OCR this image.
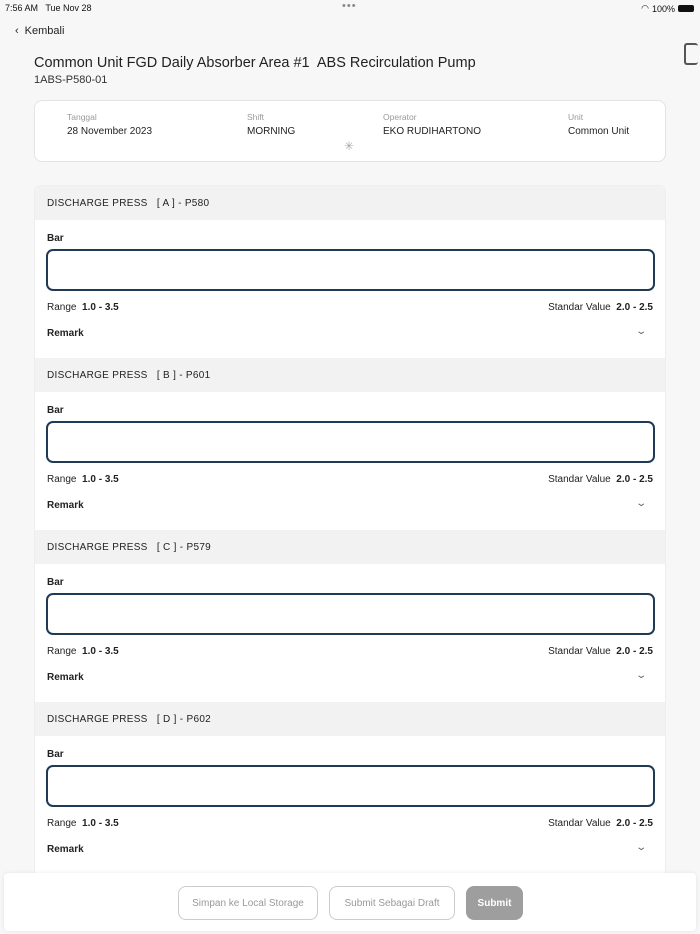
7:56 AM Tue Nov 28	•••	◠ 100%
‹ Kembali
Common Unit FGD Daily Absorber Area #1  ABS Recirculation Pump
1ABS-P580-01
Tanggal
28 November 2023
Shift
MORNING
Operator
EKO RUDIHARTONO
Unit
Common Unit
✳
DISCHARGE PRESS   [ A ] - P580
Bar
Range 1.0 - 3.5	Standar Value 2.0 - 2.5
Remark	⌄
DISCHARGE PRESS   [ B ] - P601
Bar
Range 1.0 - 3.5	Standar Value 2.0 - 2.5
Remark	⌄
DISCHARGE PRESS   [ C ] - P579
Bar
Range 1.0 - 3.5	Standar Value 2.0 - 2.5
Remark	⌄
DISCHARGE PRESS   [ D ] - P602
Bar
Range 1.0 - 3.5	Standar Value 2.0 - 2.5
Remark	⌄
Simpan ke Local Storage	Submit Sebagai Draft	Submit
